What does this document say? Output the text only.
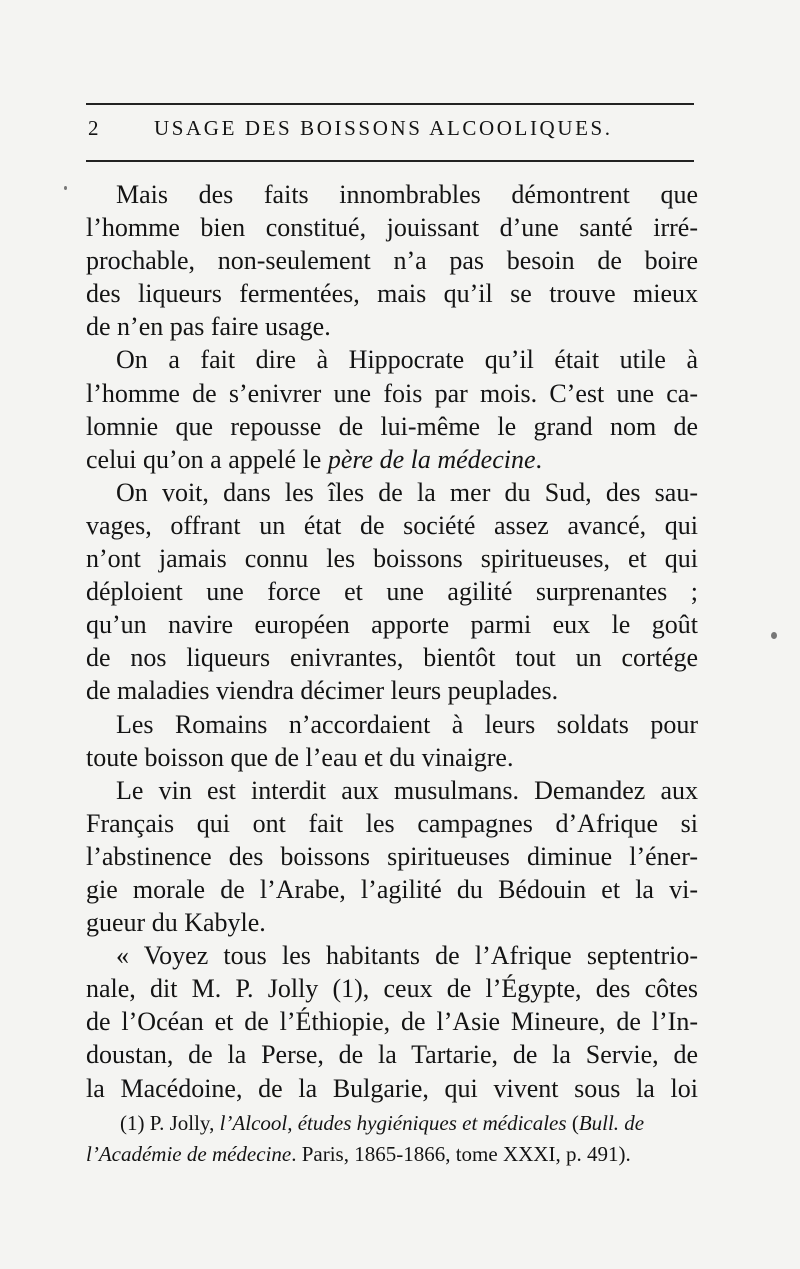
2	USAGE DES BOISSONS ALCOOLIQUES.
Mais des faits innombrables démontrent que
l’homme bien constitué, jouissant d’une santé irré-
prochable, non-seulement n’a pas besoin de boire
des liqueurs fermentées, mais qu’il se trouve mieux
de n’en pas faire usage.
On a fait dire à Hippocrate qu’il était utile à
l’homme de s’enivrer une fois par mois. C’est une ca-
lomnie que repousse de lui-même le grand nom de
celui qu’on a appelé le père de la médecine.
On voit, dans les îles de la mer du Sud, des sau-
vages, offrant un état de société assez avancé, qui
n’ont jamais connu les boissons spiritueuses, et qui
déploient une force et une agilité surprenantes ;
qu’un navire européen apporte parmi eux le goût
de nos liqueurs enivrantes, bientôt tout un cortége
de maladies viendra décimer leurs peuplades.
Les Romains n’accordaient à leurs soldats pour
toute boisson que de l’eau et du vinaigre.
Le vin est interdit aux musulmans. Demandez aux
Français qui ont fait les campagnes d’Afrique si
l’abstinence des boissons spiritueuses diminue l’éner-
gie morale de l’Arabe, l’agilité du Bédouin et la vi-
gueur du Kabyle.
« Voyez tous les habitants de l’Afrique septentrio-
nale, dit M. P. Jolly (1), ceux de l’Égypte, des côtes
de l’Océan et de l’Éthiopie, de l’Asie Mineure, de l’In-
doustan, de la Perse, de la Tartarie, de la Servie, de
la Macédoine, de la Bulgarie, qui vivent sous la loi
(1) P. Jolly, l’Alcool, études hygiéniques et médicales (Bull. de
l’Académie de médecine. Paris, 1865-1866, tome XXXI, p. 491).
